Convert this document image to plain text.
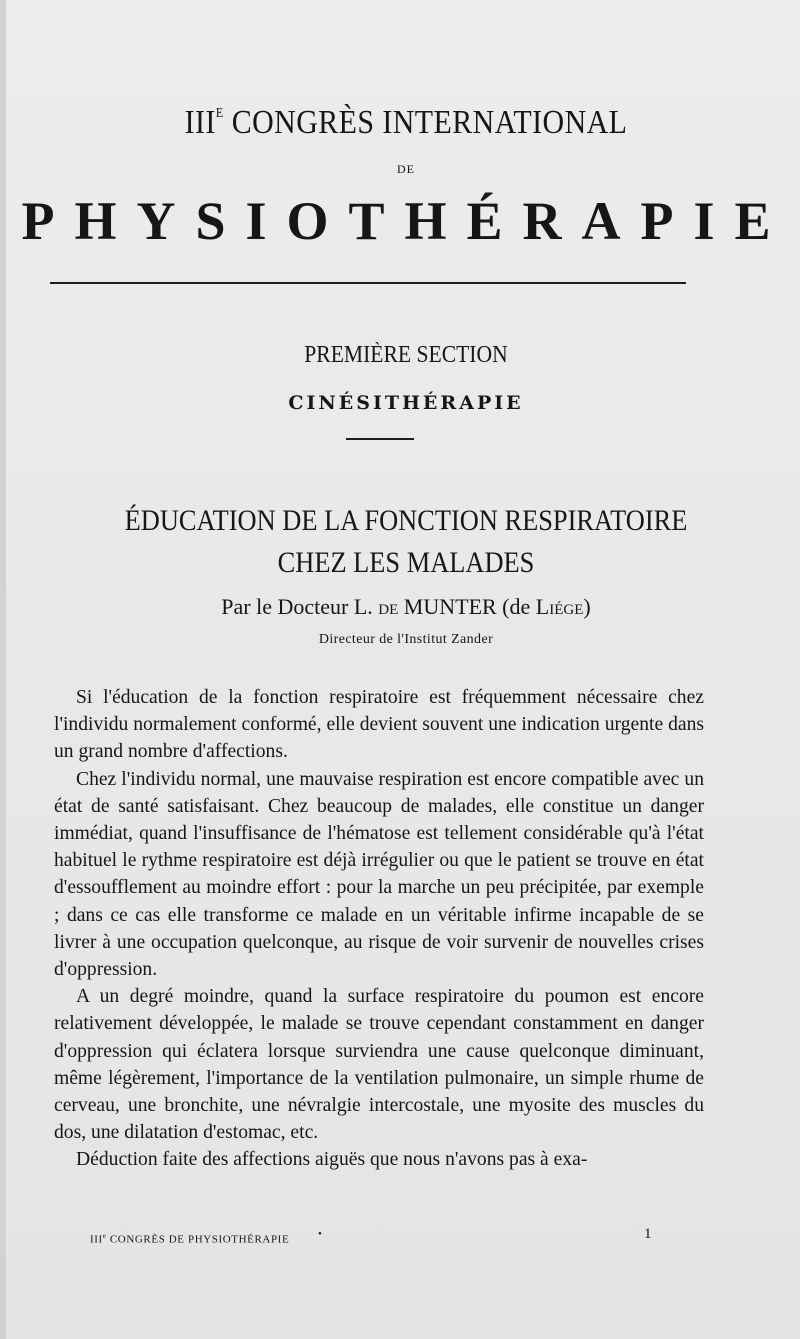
$III^E$ CONGRÈS INTERNATIONAL
DE
PHYSIOTHÉRAPIE
PREMIÈRE SECTION
CINÉSITHÉRAPIE
ÉDUCATION DE LA FONCTION RESPIRATOIRE
CHEZ LES MALADES
Par le Docteur L. DE MUNTER (de LIÉGE)
Directeur de l'Institut Zander

Si l'éducation de la fonction respiratoire est fréquemment nécessaire chez l'individu normalement conformé, elle devient souvent une indication urgente dans un grand nombre d'affections.

Chez l'individu normal, une mauvaise respiration est encore compatible avec un état de santé satisfaisant. Chez beaucoup de malades, elle constitue un danger immédiat, quand l'insuffisance de l'hématose est tellement considérable qu'à l'état habituel le rythme respiratoire est déjà irrégulier ou que le patient se trouve en état d'essoufflement au moindre effort : pour la marche un peu précipitée, par exemple ; dans ce cas elle transforme ce malade en un véritable infirme incapable de se livrer à une occupation quelconque, au risque de voir survenir de nouvelles crises d'oppression.

A un degré moindre, quand la surface respiratoire du poumon est encore relativement développée, le malade se trouve cependant constamment en danger d'oppression qui éclatera lorsque surviendra une cause quelconque diminuant, même légèrement, l'importance de la ventilation pulmonaire, un simple rhume de cerveau, une bronchite, une névralgie intercostale, une myosite des muscles du dos, une dilatation d'estomac, etc.

Déduction faite des affections aiguës que nous n'avons pas à exa-

IIIe CONGRÈS DE PHYSIOTHÉRAPIE	•	1
